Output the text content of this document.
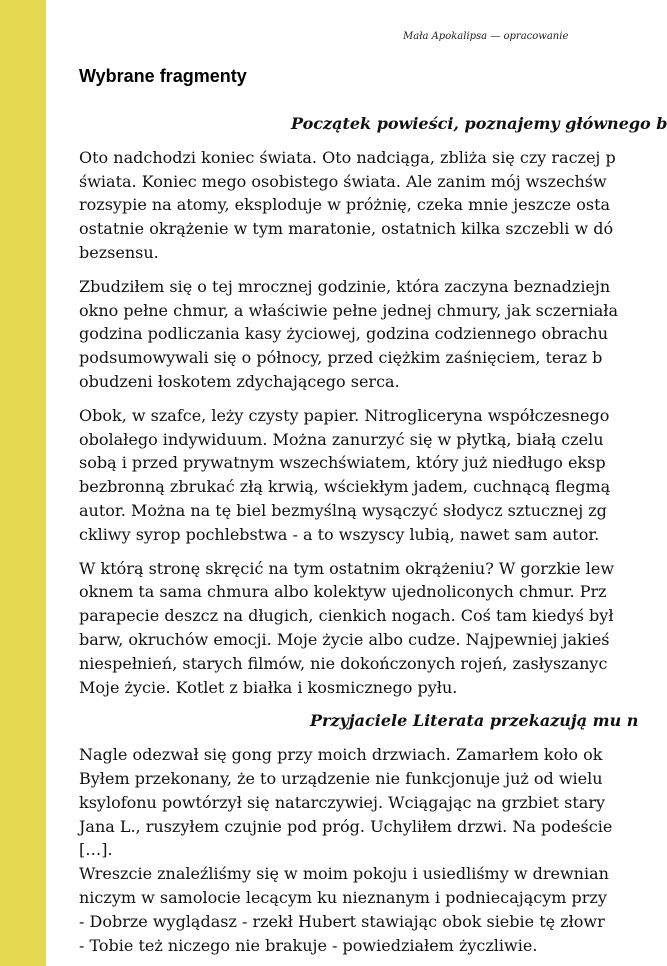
Mała Apokalipsa — opracowanie
Wybrane fragmenty
Początek powieści, poznajemy głównego b
Oto nadchodzi koniec świata. Oto nadciąga, zbliża się czy raczej p
świata. Koniec mego osobistego świata. Ale zanim mój wszechśw
rozsypie na atomy, eksploduje w próżnię, czeka mnie jeszcze osta
ostatnie okrążenie w tym maratonie, ostatnich kilka szczebli w dó
bezsensu.
Zbudziłem się o tej mrocznej godzinie, która zaczyna beznadziejn
okno pełne chmur, a właściwie pełne jednej chmury, jak sczerniała
godzina podliczania kasy życiowej, godzina codziennego obrachu
podsumowywali się o północy, przed ciężkim zaśnięciem, teraz b
obudzeni łoskotem zdychającego serca.
Obok, w szafce, leży czysty papier. Nitrogliceryna współczesnego
obolałego indywiduum. Można zanurzyć się w płytką, białą czelu
sobą i przed prywatnym wszechświatem, który już niedługo eksp
bezbronną zbrukać złą krwią, wściekłym jadem, cuchnącą flegmą
autor. Można na tę biel bezmyślną wysączyć słodycz sztucznej zg
ckliwy syrop pochlebstwa - a to wszyscy lubią, nawet sam autor.
W którą stronę skręcić na tym ostatnim okrążeniu? W gorzkie lew
oknem ta sama chmura albo kolektyw ujednoliconych chmur. Prz
parapecie deszcz na długich, cienkich nogach. Coś tam kiedyś był
barw, okruchów emocji. Moje życie albo cudze. Najpewniej jakieś
niespełnień, starych filmów, nie dokończonych rojeń, zasłyszanyc
Moje życie. Kotlet z białka i kosmicznego pyłu.
Przyjaciele Literata przekazują mu n
Nagle odezwał się gong przy moich drzwiach. Zamarłem koło ok
Byłem przekonany, że to urządzenie nie funkcjonuje już od wielu
ksylofonu powtórzył się natarczywiej. Wciągając na grzbiet stary
Jana L., ruszyłem czujnie pod próg. Uchyliłem drzwi. Na podeście
[…].
Wreszcie znaleźliśmy się w moim pokoju i usiedliśmy w drewnian
niczym w samolocie lecącym ku nieznanym i podniecającym przy
- Dobrze wyglądasz - rzekł Hubert stawiając obok siebie tę złowr
- Tobie też niczego nie brakuje - powiedziałem życzliwie.
